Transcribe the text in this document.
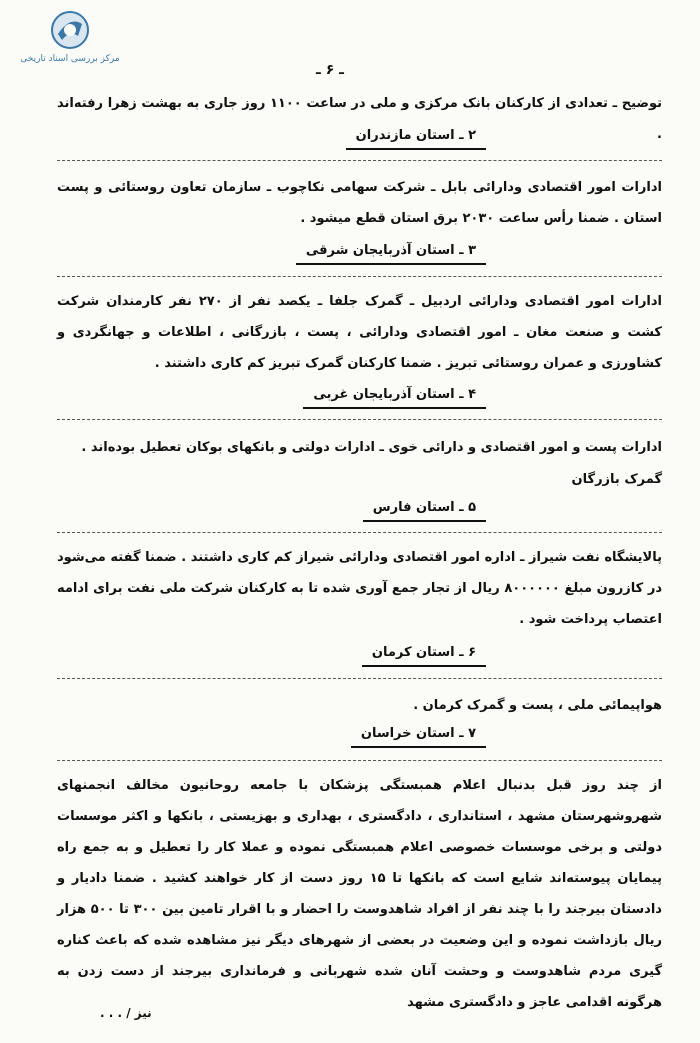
مرکز بررسی اسناد تاریخی
ـ ۶ ـ
توضیح ـ تعدادی از کارکنان بانک مرکزی و ملی در ساعت ۱۱۰۰ روز جاری به بهشت زهرا رفته‌اند .
۲ ـ استان مازندران
ادارات امور اقتصادی ودارائی بابل ـ شرکت سهامی نکاچوب ـ سازمان تعاون روستائی و پست استان . ضمنا رأس ساعت ۲۰۳۰ برق استان قطع میشود .
۳ ـ استان آذربایجان شرقی
ادارات امور اقتصادی ودارائی اردبیل ـ گمرک جلفا ـ یکصد نفر از ۲۷۰ نفر کارمندان شرکت کشت و صنعت مغان ـ امور اقتصادی ودارائی ، پست ، بازرگانی ، اطلاعات و جهانگردی و کشاورزی و عمران روستائی تبریز . ضمنا کارکنان گمرک تبریز کم کاری داشتند .
۴ ـ استان آذربایجان غربی
ادارات پست و امور اقتصادی و دارائی خوی ـ ادارات دولتی و بانکهای بوکان تعطیل بوده‌اند .
گمرک بازرگان
۵ ـ استان فارس
پالایشگاه نفت شیراز ـ اداره امور اقتصادی ودارائی شیراز کم کاری داشتند . ضمنا گفته می‌شود در کازرون مبلغ ۸۰۰۰۰۰۰ ریال از تجار جمع آوری شده تا به کارکنان شرکت ملی نفت برای ادامه اعتصاب پرداخت شود .
۶ ـ استان کرمان
هواپیمائی ملی ، پست و گمرک کرمان .
۷ ـ استان خراسان
از چند روز قبل بدنبال اعلام همبستگی پزشکان با جامعه روحانیون مخالف انجمنهای شهروشهرستان مشهد ، استانداری ، دادگستری ، بهداری و بهزیستی ، بانکها و اکثر موسسات دولتی و برخی موسسات خصوصی اعلام همبستگی نموده و عملا کار را تعطیل و به جمع راه پیمایان پیوسته‌اند شایع است که بانکها تا ۱۵ روز دست از کار خواهند کشید . ضمنا دادیار و دادستان بیرجند را با چند نفر از افراد شاهدوست را احضار و با اقرار تامین بین ۳۰۰ تا ۵۰۰ هزار ریال بازداشت نموده و این وضعیت در بعضی از شهرهای دیگر نیز مشاهده شده که باعث کناره گیری مردم شاهدوست و وحشت آنان شده شهربانی و فرمانداری بیرجند از دست زدن به هرگونه اقدامی عاجز و دادگستری مشهد
نیز / . . .
